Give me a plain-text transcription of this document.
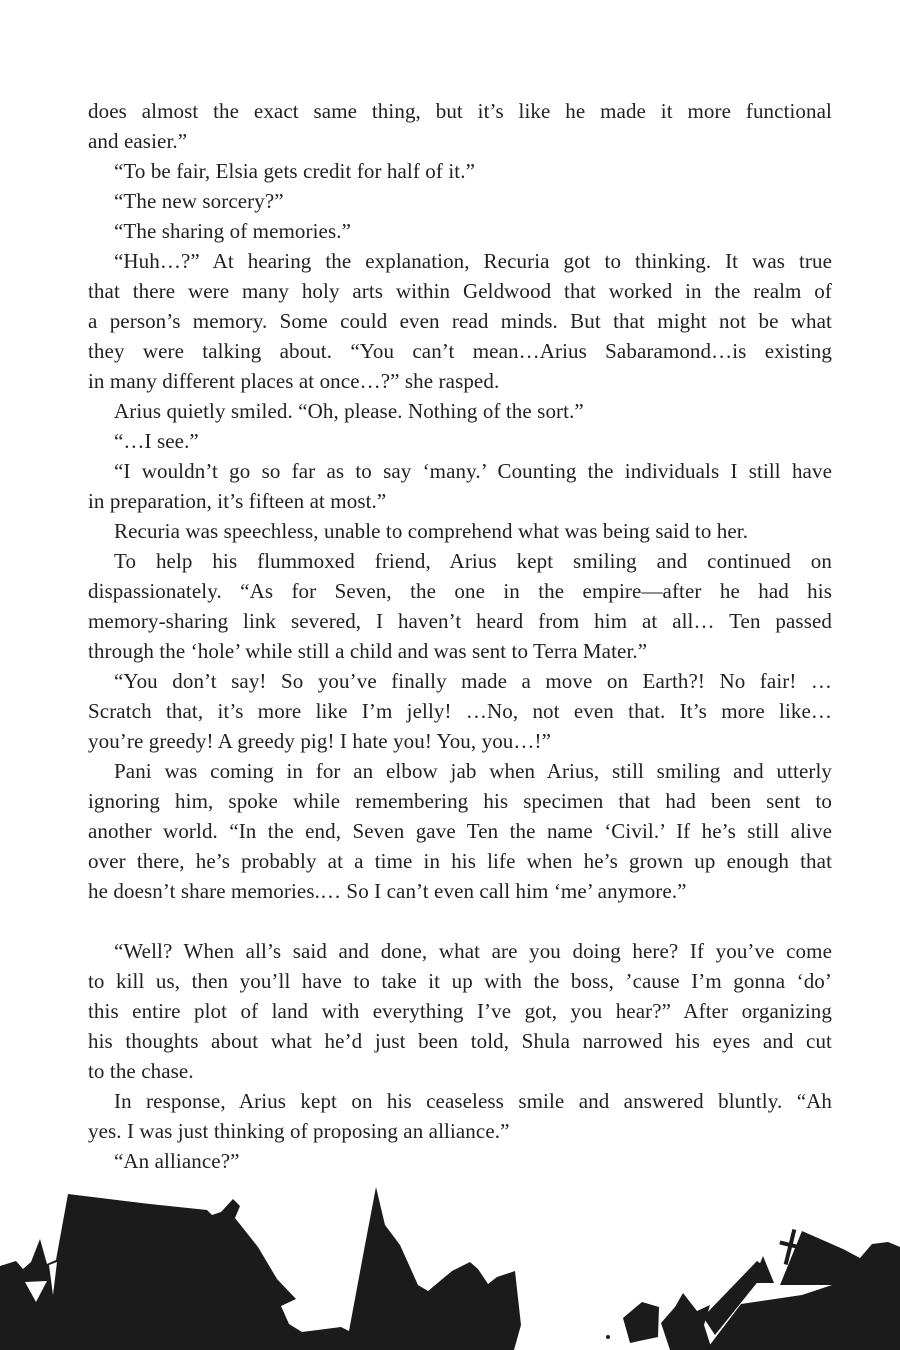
does almost the exact same thing, but it’s like he made it more functional
and easier.”
“To be fair, Elsia gets credit for half of it.”
“The new sorcery?”
“The sharing of memories.”
“Huh…?” At hearing the explanation, Recuria got to thinking. It was true
that there were many holy arts within Geldwood that worked in the realm of
a person’s memory. Some could even read minds. But that might not be what
they were talking about. “You can’t mean…Arius Sabaramond…is existing
in many different places at once…?” she rasped.
Arius quietly smiled. “Oh, please. Nothing of the sort.”
“…I see.”
“I wouldn’t go so far as to say ‘many.’ Counting the individuals I still have
in preparation, it’s fifteen at most.”
Recuria was speechless, unable to comprehend what was being said to her.
To help his flummoxed friend, Arius kept smiling and continued on
dispassionately. “As for Seven, the one in the empire—after he had his
memory-sharing link severed, I haven’t heard from him at all… Ten passed
through the ‘hole’ while still a child and was sent to Terra Mater.”
“You don’t say! So you’ve finally made a move on Earth?! No fair! …
Scratch that, it’s more like I’m jelly! …No, not even that. It’s more like…
you’re greedy! A greedy pig! I hate you! You, you…!”
Pani was coming in for an elbow jab when Arius, still smiling and utterly
ignoring him, spoke while remembering his specimen that had been sent to
another world. “In the end, Seven gave Ten the name ‘Civil.’ If he’s still alive
over there, he’s probably at a time in his life when he’s grown up enough that
he doesn’t share memories.… So I can’t even call him ‘me’ anymore.”
“Well? When all’s said and done, what are you doing here? If you’ve come
to kill us, then you’ll have to take it up with the boss, ’cause I’m gonna ‘do’
this entire plot of land with everything I’ve got, you hear?” After organizing
his thoughts about what he’d just been told, Shula narrowed his eyes and cut
to the chase.
In response, Arius kept on his ceaseless smile and answered bluntly. “Ah
yes. I was just thinking of proposing an alliance.”
“An alliance?”
